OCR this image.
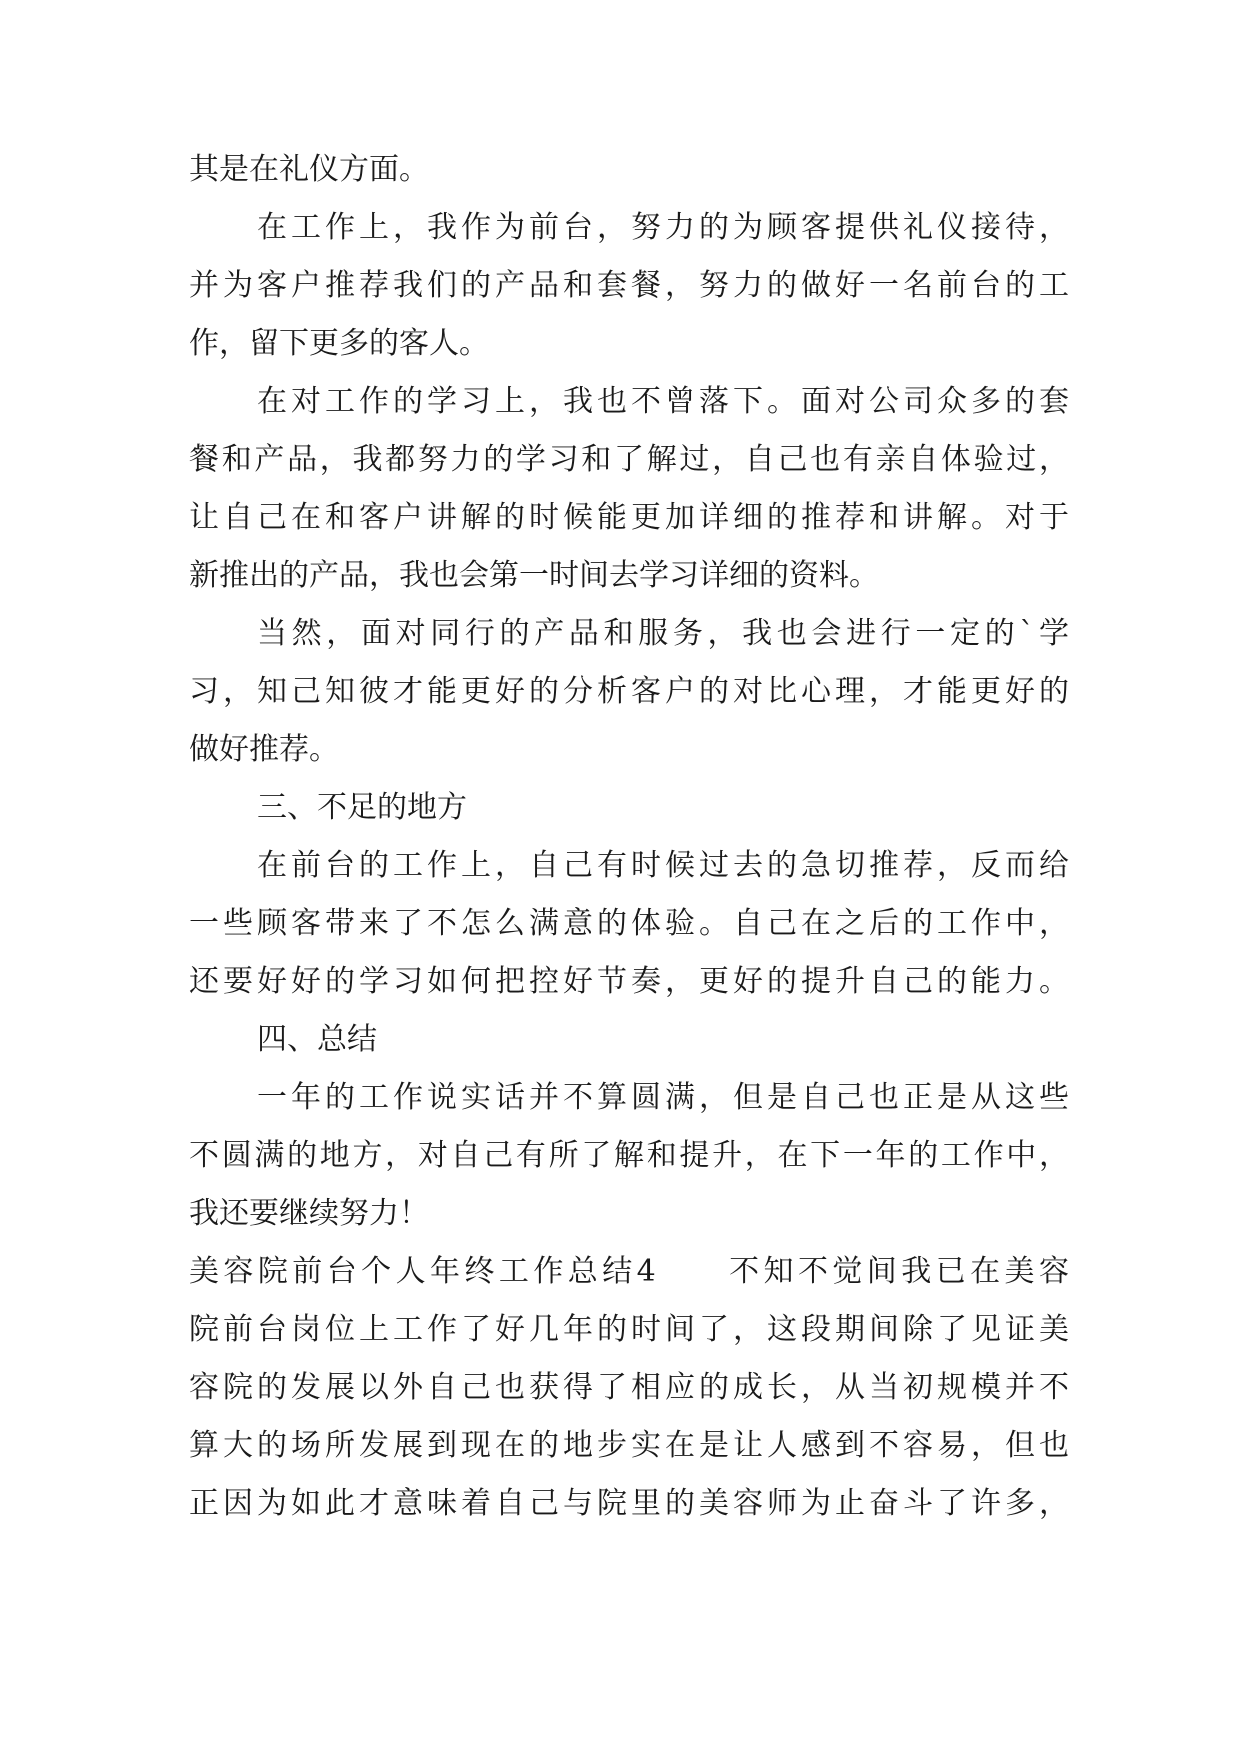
其是在礼仪方面。

在工作上，我作为前台，努力的为顾客提供礼仪接待，

并为客户推荐我们的产品和套餐，努力的做好一名前台的工

作，留下更多的客人。

在对工作的学习上，我也不曾落下。面对公司众多的套

餐和产品，我都努力的学习和了解过，自己也有亲自体验过，

让自己在和客户讲解的时候能更加详细的推荐和讲解。对于

新推出的产品，我也会第一时间去学习详细的资料。

当然，面对同行的产品和服务，我也会进行一定的`学

习，知己知彼才能更好的分析客户的对比心理，才能更好的

做好推荐。

三、不足的地方

在前台的工作上，自己有时候过去的急切推荐，反而给

一些顾客带来了不怎么满意的体验。自己在之后的工作中，

还要好好的学习如何把控好节奏，更好的提升自己的能力。

四、总结

一年的工作说实话并不算圆满，但是自己也正是从这些

不圆满的地方，对自己有所了解和提升，在下一年的工作中，

我还要继续努力！

美容院前台个人年终工作总结4　　不知不觉间我已在美容

院前台岗位上工作了好几年的时间了，这段期间除了见证美

容院的发展以外自己也获得了相应的成长，从当初规模并不

算大的场所发展到现在的地步实在是让人感到不容易，但也

正因为如此才意味着自己与院里的美容师为止奋斗了许多，
